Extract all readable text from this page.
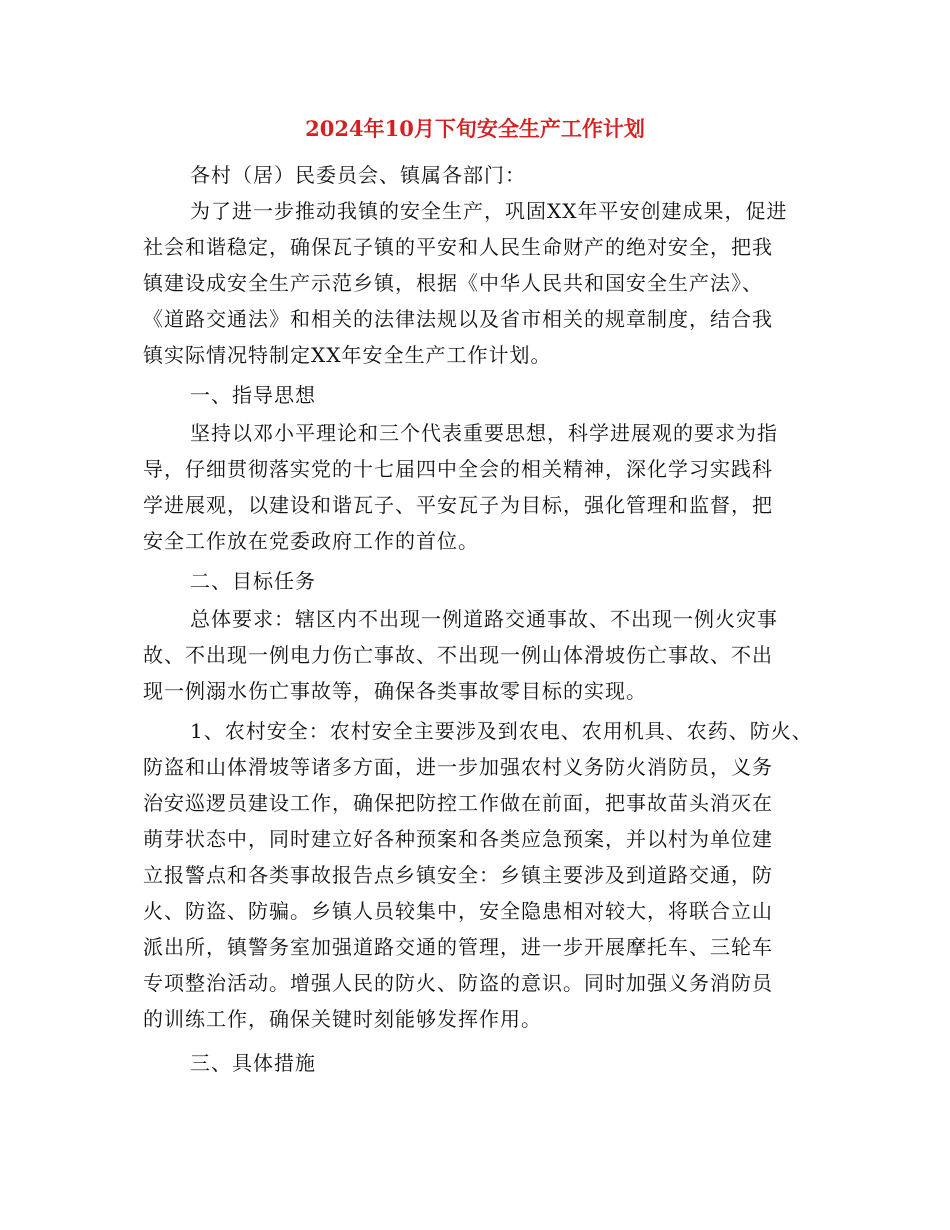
2024年10月下旬安全生产工作计划
各村（居）民委员会、镇属各部门：
为了进一步推动我镇的安全生产，巩固XX年平安创建成果，促进
社会和谐稳定，确保瓦子镇的平安和人民生命财产的绝对安全，把我
镇建设成安全生产示范乡镇，根据《中华人民共和国安全生产法》、
《道路交通法》和相关的法律法规以及省市相关的规章制度，结合我
镇实际情况特制定XX年安全生产工作计划。
一、指导思想
坚持以邓小平理论和三个代表重要思想，科学进展观的要求为指
导，仔细贯彻落实党的十七届四中全会的相关精神，深化学习实践科
学进展观，以建设和谐瓦子、平安瓦子为目标，强化管理和监督，把
安全工作放在党委政府工作的首位。
二、目标任务
总体要求：辖区内不出现一例道路交通事故、不出现一例火灾事
故、不出现一例电力伤亡事故、不出现一例山体滑坡伤亡事故、不出
现一例溺水伤亡事故等，确保各类事故零目标的实现。
1、农村安全：农村安全主要涉及到农电、农用机具、农药、防火、
防盗和山体滑坡等诸多方面，进一步加强农村义务防火消防员，义务
治安巡逻员建设工作，确保把防控工作做在前面，把事故苗头消灭在
萌芽状态中，同时建立好各种预案和各类应急预案，并以村为单位建
立报警点和各类事故报告点乡镇安全：乡镇主要涉及到道路交通，防
火、防盗、防骗。乡镇人员较集中，安全隐患相对较大，将联合立山
派出所，镇警务室加强道路交通的管理，进一步开展摩托车、三轮车
专项整治活动。增强人民的防火、防盗的意识。同时加强义务消防员
的训练工作，确保关键时刻能够发挥作用。
三、具体措施
